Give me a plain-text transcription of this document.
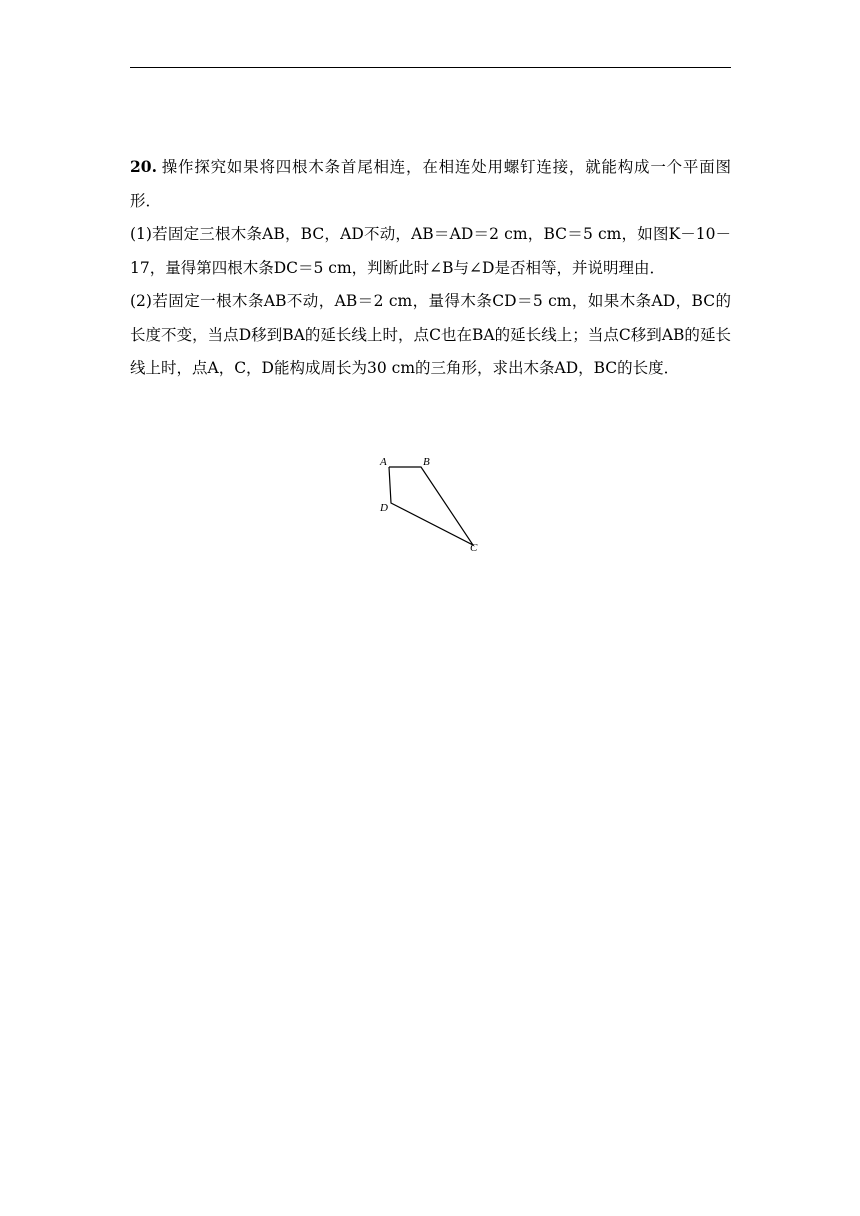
20. 操作探究如果将四根木条首尾相连，在相连处用螺钉连接，就能构成一个平面图形．

(1)若固定三根木条AB，BC，AD不动，AB＝AD＝2 cm，BC＝5 cm，如图K－10－17，量得第四根木条DC＝5 cm，判断此时∠B与∠D是否相等，并说明理由．

(2)若固定一根木条AB不动，AB＝2 cm，量得木条CD＝5 cm，如果木条AD，BC的长度不变，当点D移到BA的延长线上时，点C也在BA的延长线上；当点C移到AB的延长线上时，点A，C，D能构成周长为30 cm的三角形，求出木条AD，BC的长度．

A	B
D
C
